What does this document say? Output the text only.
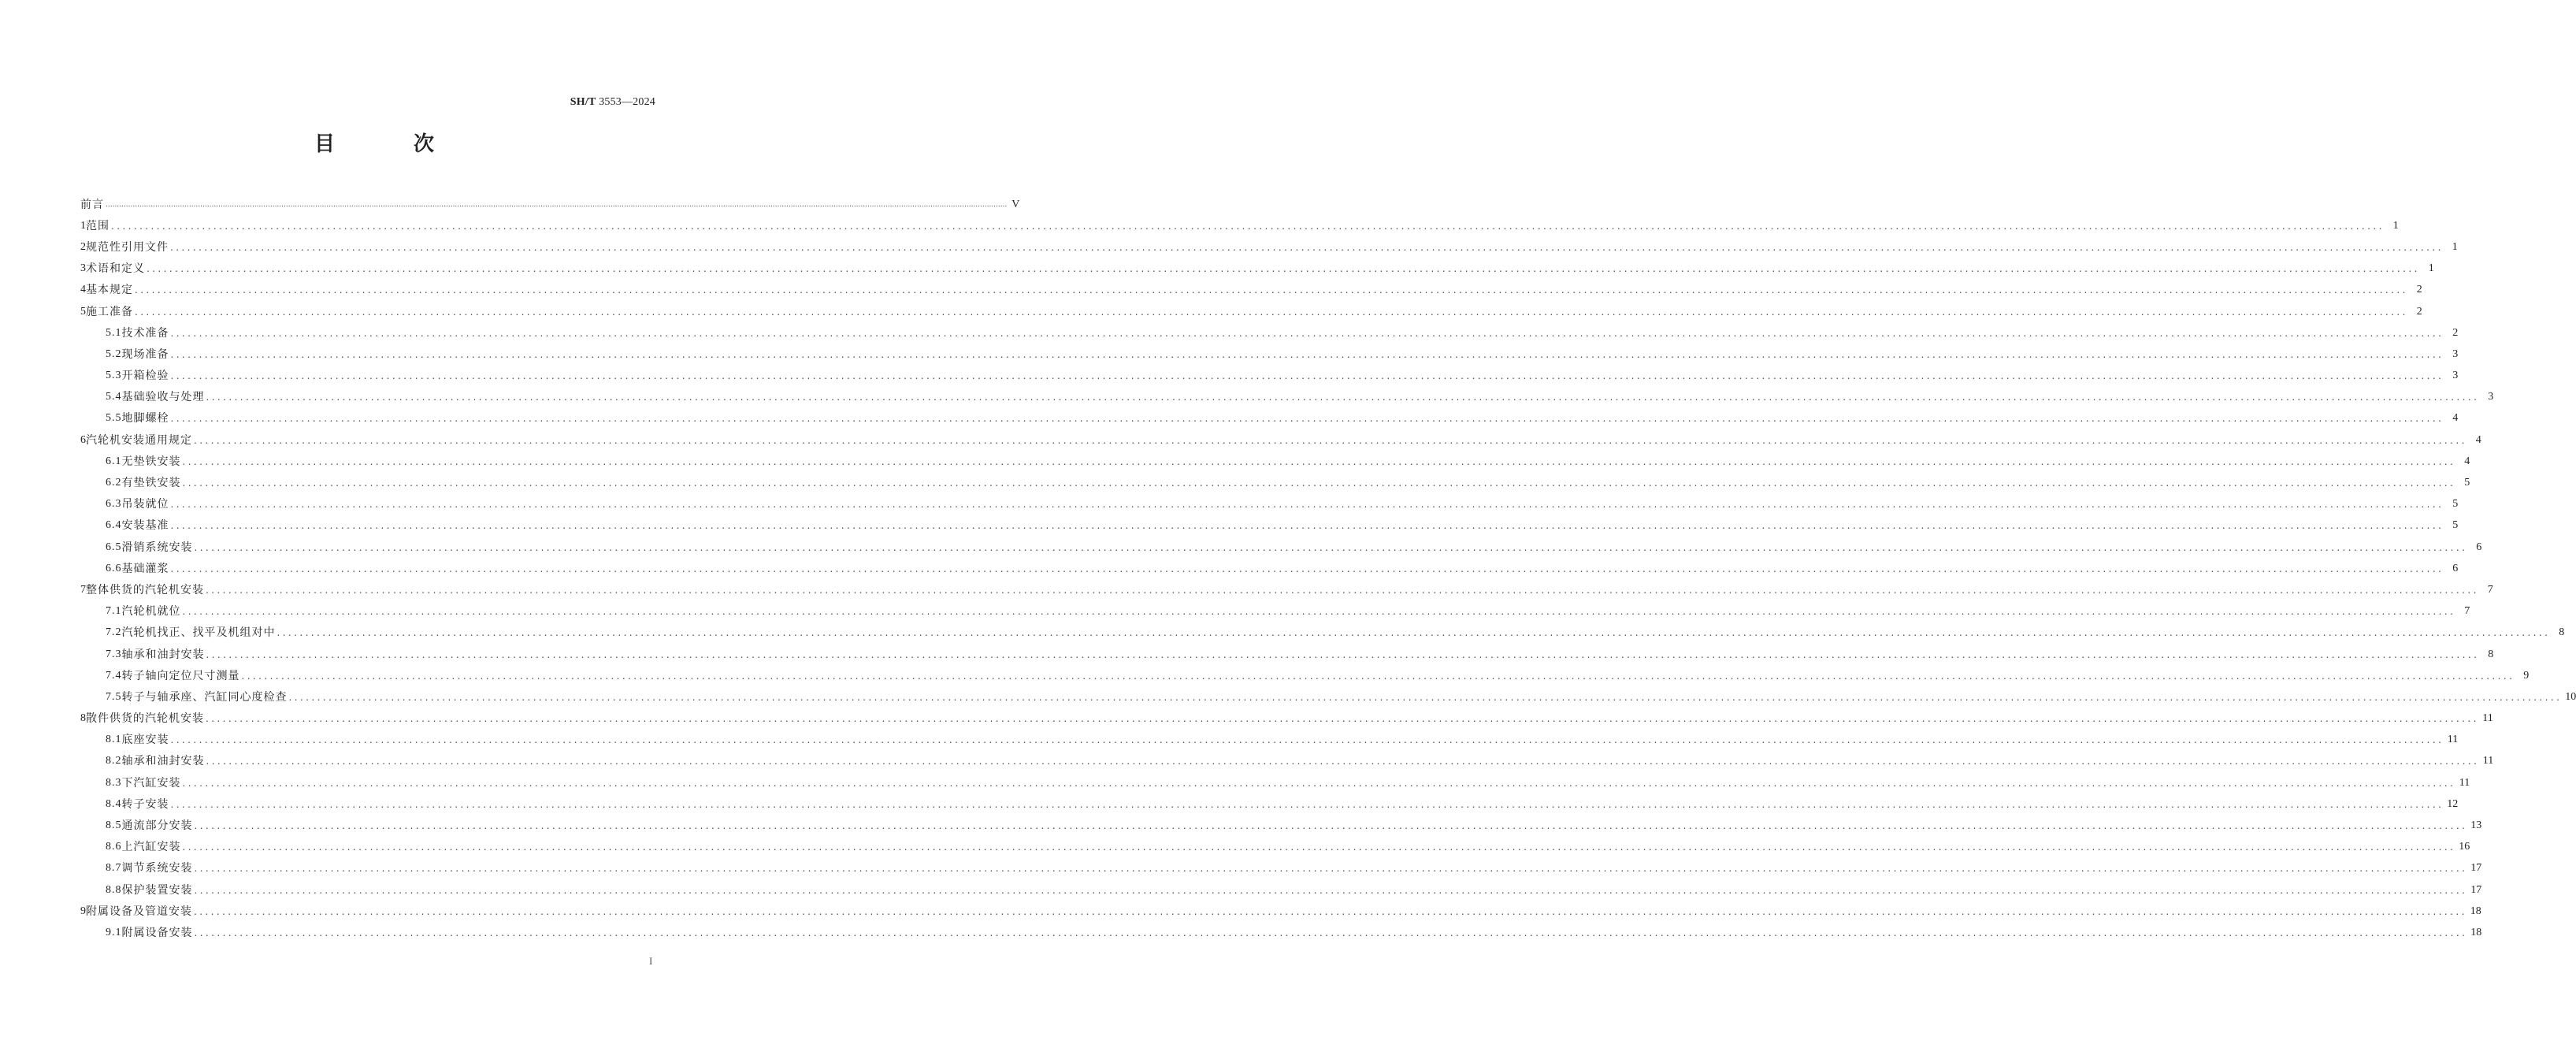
SH/T 3553—2024
目	次
前言 ................................................................................................................................................................................................................................................................................................................................................................................................................ V
1 范围 ................................................................................................................................................................................................................................................................................................................................................................................................................ 1
2 规范性引用文件 ................................................................................................................................................................................................................................................................................................................................................................................................................ 1
3 术语和定义 ................................................................................................................................................................................................................................................................................................................................................................................................................ 1
4 基本规定 ................................................................................................................................................................................................................................................................................................................................................................................................................ 2
5 施工准备 ................................................................................................................................................................................................................................................................................................................................................................................................................ 2
5.1 技术准备 ................................................................................................................................................................................................................................................................................................................................................................................................................ 2
5.2 现场准备 ................................................................................................................................................................................................................................................................................................................................................................................................................ 3
5.3 开箱检验 ................................................................................................................................................................................................................................................................................................................................................................................................................ 3
5.4 基础验收与处理 ................................................................................................................................................................................................................................................................................................................................................................................................................ 3
5.5 地脚螺栓 ................................................................................................................................................................................................................................................................................................................................................................................................................ 4
6 汽轮机安装通用规定 ................................................................................................................................................................................................................................................................................................................................................................................................................ 4
6.1 无垫铁安装 ................................................................................................................................................................................................................................................................................................................................................................................................................ 4
6.2 有垫铁安装 ................................................................................................................................................................................................................................................................................................................................................................................................................ 5
6.3 吊装就位 ................................................................................................................................................................................................................................................................................................................................................................................................................ 5
6.4 安装基准 ................................................................................................................................................................................................................................................................................................................................................................................................................ 5
6.5 滑销系统安装 ................................................................................................................................................................................................................................................................................................................................................................................................................ 6
6.6 基础灌浆 ................................................................................................................................................................................................................................................................................................................................................................................................................ 6
7 整体供货的汽轮机安装 ................................................................................................................................................................................................................................................................................................................................................................................................................ 7
7.1 汽轮机就位 ................................................................................................................................................................................................................................................................................................................................................................................................................ 7
7.2 汽轮机找正、找平及机组对中 ................................................................................................................................................................................................................................................................................................................................................................................................................ 8
7.3 轴承和油封安装 ................................................................................................................................................................................................................................................................................................................................................................................................................ 8
7.4 转子轴向定位尺寸测量 ................................................................................................................................................................................................................................................................................................................................................................................................................ 9
7.5 转子与轴承座、汽缸同心度检查 ................................................................................................................................................................................................................................................................................................................................................................................................................ 10
8 散件供货的汽轮机安装 ................................................................................................................................................................................................................................................................................................................................................................................................................ 11
8.1 底座安装 ................................................................................................................................................................................................................................................................................................................................................................................................................ 11
8.2 轴承和油封安装 ................................................................................................................................................................................................................................................................................................................................................................................................................ 11
8.3 下汽缸安装 ................................................................................................................................................................................................................................................................................................................................................................................................................ 11
8.4 转子安装 ................................................................................................................................................................................................................................................................................................................................................................................................................ 12
8.5 通流部分安装 ................................................................................................................................................................................................................................................................................................................................................................................................................ 13
8.6 上汽缸安装 ................................................................................................................................................................................................................................................................................................................................................................................................................ 16
8.7 调节系统安装 ................................................................................................................................................................................................................................................................................................................................................................................................................ 17
8.8 保护装置安装 ................................................................................................................................................................................................................................................................................................................................................................................................................ 17
9 附属设备及管道安装 ................................................................................................................................................................................................................................................................................................................................................................................................................ 18
9.1 附属设备安装 ................................................................................................................................................................................................................................................................................................................................................................................................................ 18
I
